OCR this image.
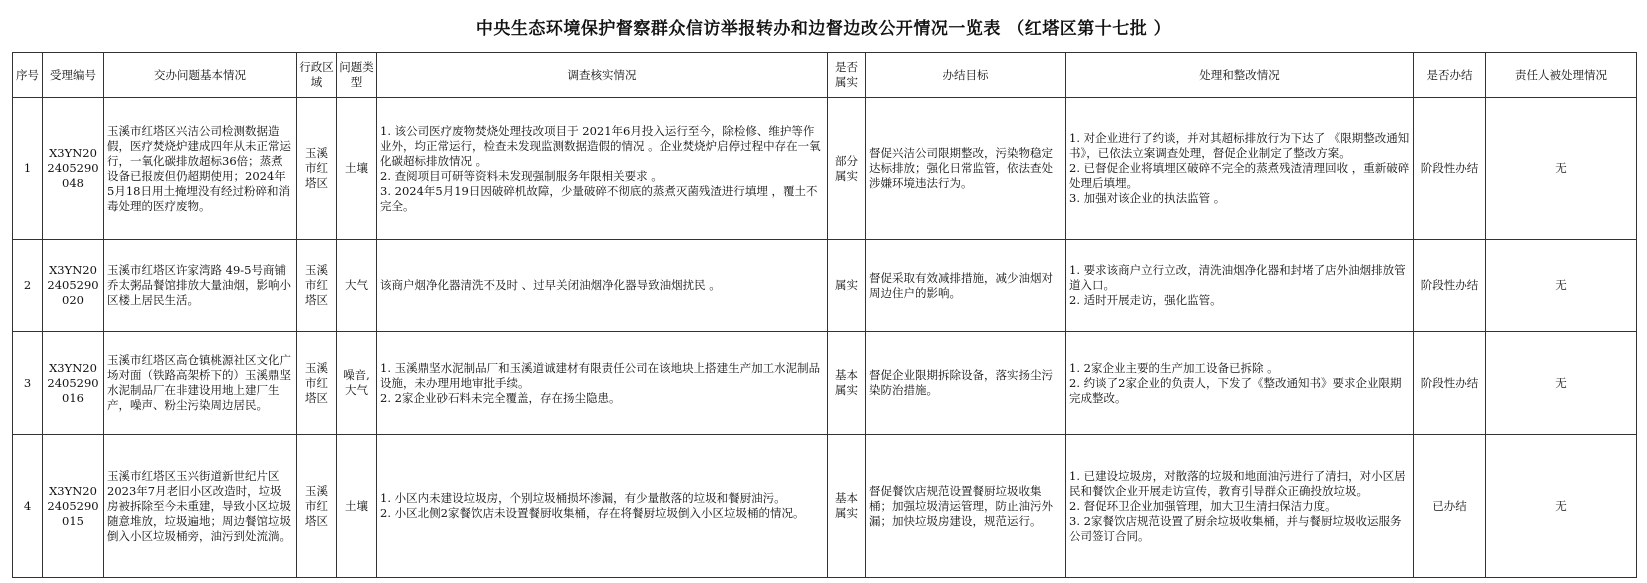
中央生态环境保护督察群众信访举报转办和边督边改公开情况一览表 （红塔区第十七批 ）
序号	受理编号	交办问题基本情况	行政区域	问题类型	调查核实情况	是否属实	办结目标	处理和整改情况	是否办结	责任人被处理情况
1	X3YN202405290048	玉溪市红塔区兴洁公司检测数据造假，医疗焚烧炉建成四年从未正常运行，一氧化碳排放超标36倍；蒸煮设备已报废但仍超期使用；2024年5月18日用土掩埋没有经过粉碎和消毒处理的医疗废物。	玉溪市红塔区	土壤	1. 该公司医疗废物焚烧处理技改项目于 2021年6月投入运行至今，除检修、维护等作业外，均正常运行，检查未发现监测数据造假的情况 。企业焚烧炉启停过程中存在一氧化碳超标排放情况 。
2. 查阅项目可研等资料未发现强制服务年限相关要求 。
3. 2024年5月19日因破碎机故障，少量破碎不彻底的蒸煮灭菌残渣进行填埋 ，覆土不完全。	部分属实	督促兴洁公司限期整改，污染物稳定达标排放；强化日常监管，依法查处涉嫌环境违法行为。	1. 对企业进行了约谈，并对其超标排放行为下达了 《限期整改通知书》，已依法立案调查处理，督促企业制定了整改方案。
2. 已督促企业将填埋区破碎不完全的蒸煮残渣清理回收 ，重新破碎处理后填埋。
3. 加强对该企业的执法监管 。	阶段性办结	无
2	X3YN202405290020	玉溪市红塔区许家湾路 49-5号商铺乔太粥品餐馆排放大量油烟，影响小区楼上居民生活。	玉溪市红塔区	大气	该商户烟净化器清洗不及时 、过早关闭油烟净化器导致油烟扰民 。	属实	督促采取有效减排措施，减少油烟对周边住户的影响。	1. 要求该商户立行立改，清洗油烟净化器和封堵了店外油烟排放管道入口。
2. 适时开展走访，强化监管。	阶段性办结	无
3	X3YN202405290016	玉溪市红塔区高仓镇桃源社区文化广场对面（铁路高架桥下的）玉溪鼎坚水泥制品厂在非建设用地上建厂生产，噪声、粉尘污染周边居民。	玉溪市红塔区	噪音,大气	1. 玉溪鼎坚水泥制品厂和玉溪道诚建材有限责任公司在该地块上搭建生产加工水泥制品设施，未办理用地审批手续。
2. 2家企业砂石料未完全覆盖，存在扬尘隐患。	基本属实	督促企业限期拆除设备，落实扬尘污染防治措施。	1. 2家企业主要的生产加工设备已拆除 。
2. 约谈了2家企业的负责人，下发了《整改通知书》要求企业限期完成整改。	阶段性办结	无
4	X3YN202405290015	玉溪市红塔区玉兴街道新世纪片区2023年7月老旧小区改造时，垃圾房被拆除至今未重建，导致小区垃圾随意堆放，垃圾遍地；周边餐馆垃圾倒入小区垃圾桶旁，油污到处流淌。	玉溪市红塔区	土壤	1. 小区内未建设垃圾房，个别垃圾桶损坏渗漏，有少量散落的垃圾和餐厨油污。
2. 小区北侧2家餐饮店未设置餐厨收集桶，存在将餐厨垃圾倒入小区垃圾桶的情况。	基本属实	督促餐饮店规范设置餐厨垃圾收集桶；加强垃圾清运管理，防止油污外漏；加快垃圾房建设，规范运行。	1. 已建设垃圾房，对散落的垃圾和地面油污进行了清扫，对小区居民和餐饮企业开展走访宣传，教育引导群众正确投放垃圾。
2. 督促环卫企业加强管理，加大卫生清扫保洁力度。
3. 2家餐饮店规范设置了厨余垃圾收集桶，并与餐厨垃圾收运服务公司签订合同。	已办结	无
